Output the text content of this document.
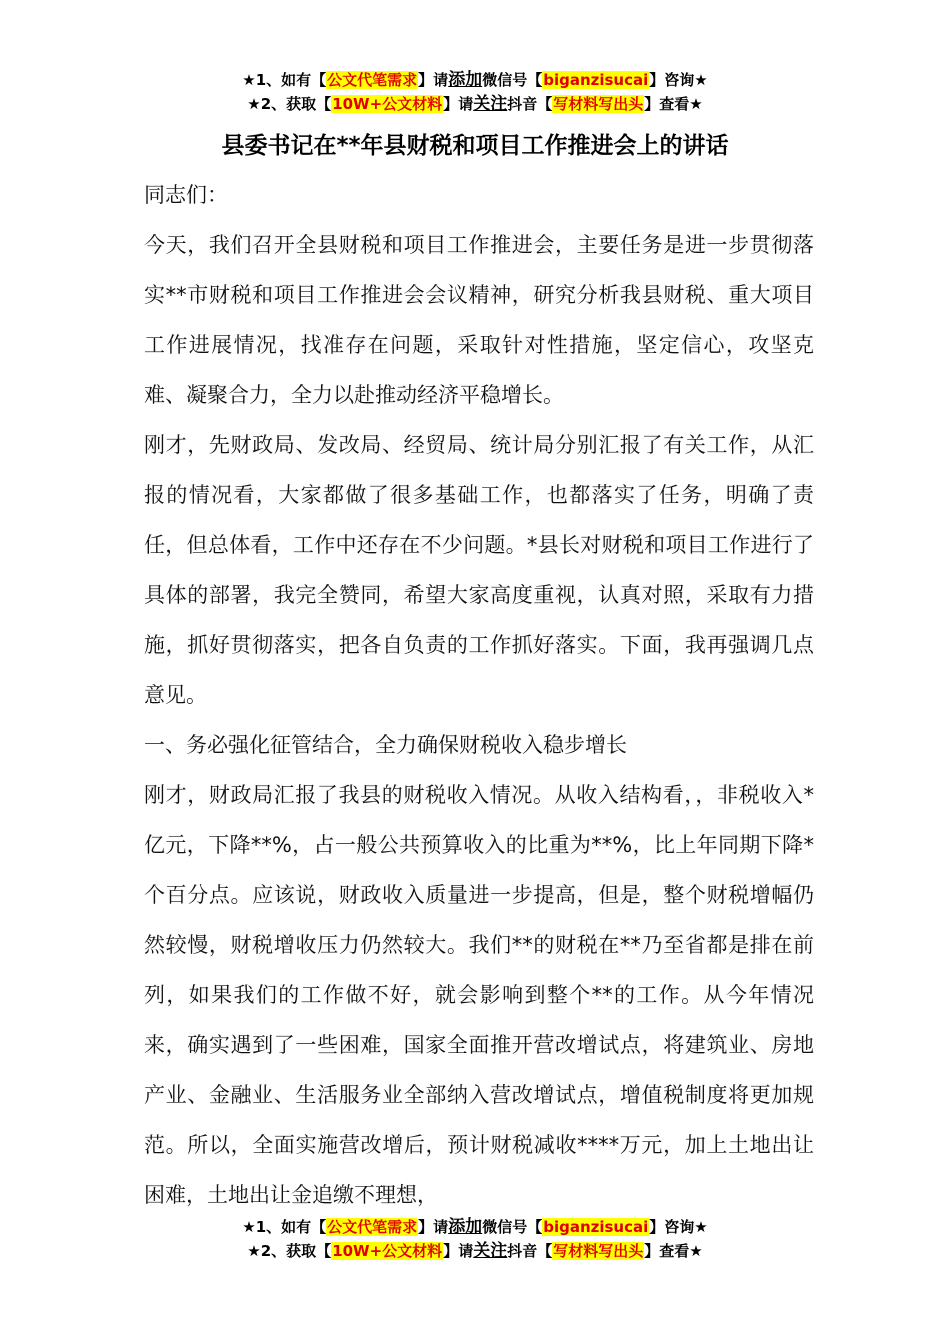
★1、如有【公文代笔需求】请添加微信号【biganzisucai】咨询★
★2、获取【10W+公文材料】请关注抖音【写材料写出头】查看★
县委书记在**年县财税和项目工作推进会上的讲话

同志们：

今天，我们召开全县财税和项目工作推进会，主要任务是进一步贯彻落实**市财税和项目工作推进会会议精神，研究分析我县财税、重大项目工作进展情况，找准存在问题，采取针对性措施，坚定信心，攻坚克难、凝聚合力，全力以赴推动经济平稳增长。

刚才，先财政局、发改局、经贸局、统计局分别汇报了有关工作，从汇报的情况看，大家都做了很多基础工作，也都落实了任务，明确了责任，但总体看，工作中还存在不少问题。*县长对财税和项目工作进行了具体的部署，我完全赞同，希望大家高度重视，认真对照，采取有力措施，抓好贯彻落实，把各自负责的工作抓好落实。下面，我再强调几点意见。

一、务必强化征管结合，全力确保财税收入稳步增长

刚才，财政局汇报了我县的财税收入情况。从收入结构看，，非税收入*亿元，下降**%，占一般公共预算收入的比重为**%，比上年同期下降*个百分点。应该说，财政收入质量进一步提高，但是，整个财税增幅仍然较慢，财税增收压力仍然较大。我们**的财税在**乃至省都是排在前列，如果我们的工作做不好，就会影响到整个**的工作。从今年情况来，确实遇到了一些困难，国家全面推开营改增试点，将建筑业、房地产业、金融业、生活服务业全部纳入营改增试点，增值税制度将更加规范。所以，全面实施营改增后，预计财税减收****万元，加上土地出让困难，土地出让金追缴不理想，

★1、如有【公文代笔需求】请添加微信号【biganzisucai】咨询★
★2、获取【10W+公文材料】请关注抖音【写材料写出头】查看★
